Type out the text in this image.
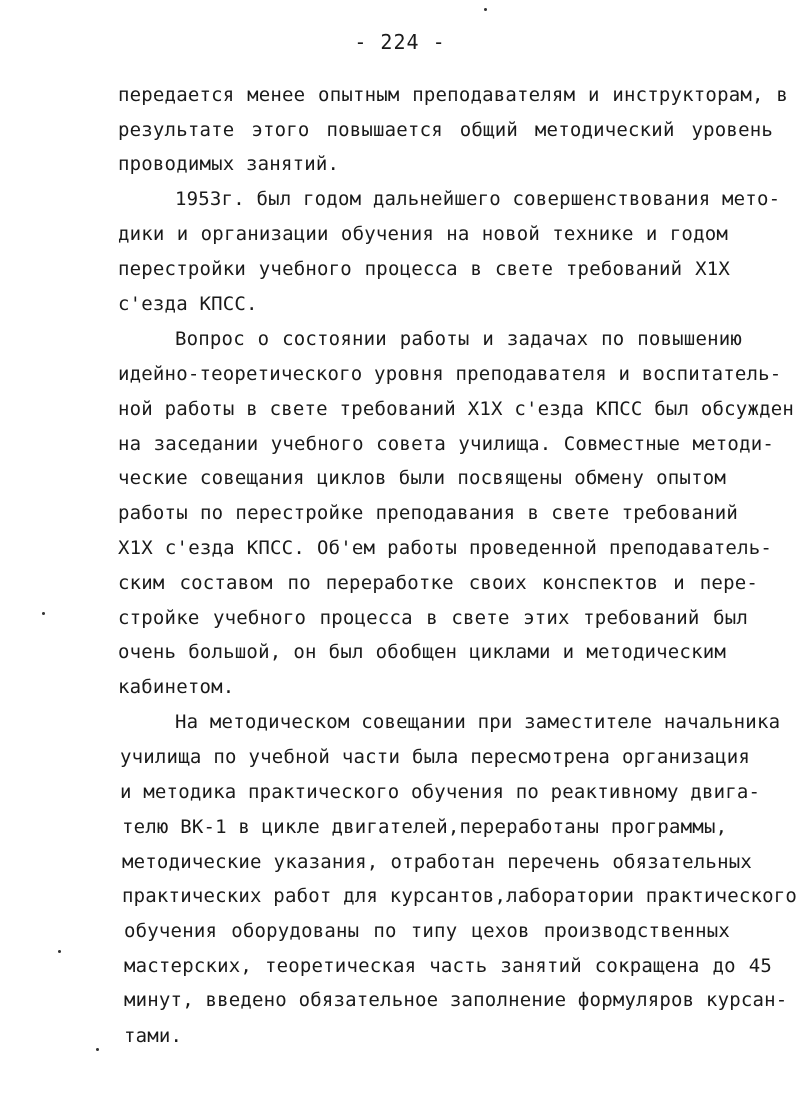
- 224 -
передается менее опытным преподавателям и инструкторам, в
результате этого повышается общий методический уровень
проводимых занятий.
1953г. был годом дальнейшего совершенствования мето-
дики и организации обучения на новой технике и годом
перестройки учебного процесса в свете требований Х1Х
с'езда КПСС.
Вопрос о состоянии работы и задачах по повышению
идейно-теоретического уровня преподавателя и воспитатель-
ной работы в свете требований Х1Х с'езда КПСС был обсужден
на заседании учебного совета училища. Совместные методи-
ческие совещания циклов были посвящены обмену опытом
работы по перестройке преподавания в свете требований
Х1Х с'езда КПСС. Об'ем работы проведенной преподаватель-
ским составом по переработке своих конспектов и пере-
стройке учебного процесса в свете этих требований был
очень большой, он был обобщен циклами и методическим
кабинетом.
На методическом совещании при заместителе начальника
училища по учебной части была пересмотрена организация
и методика практического обучения по реактивному двига-
телю ВК-1 в цикле двигателей,переработаны программы,
методические указания, отработан перечень обязательных
практических работ для курсантов,лаборатории практического
обучения оборудованы по типу цехов производственных
мастерских, теоретическая часть занятий сокращена до 45
минут, введено обязательное заполнение формуляров курсан-
тами.
